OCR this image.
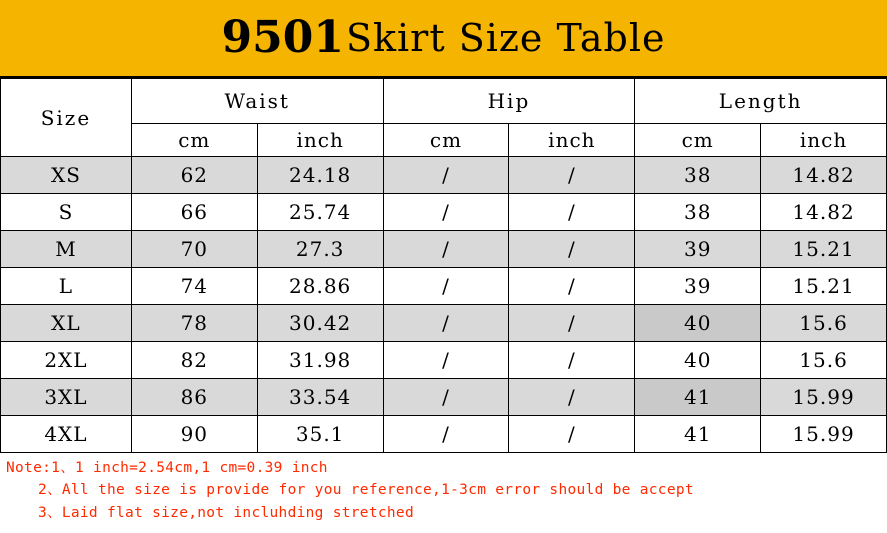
9501 Skirt Size Table
Size	Waist		Hip		Length	
	cm	inch	cm	inch	cm	inch
XS	62	24.18	/	/	38	14.82
S	66	25.74	/	/	38	14.82
M	70	27.3	/	/	39	15.21
L	74	28.86	/	/	39	15.21
XL	78	30.42	/	/	40	15.6
2XL	82	31.98	/	/	40	15.6
3XL	86	33.54	/	/	41	15.99
4XL	90	35.1	/	/	41	15.99
Note:1、1 inch=2.54cm,1 cm=0.39 inch
2、All the size is provide for you reference,1-3cm error should be accept
3、Laid flat size,not incluhding stretched
